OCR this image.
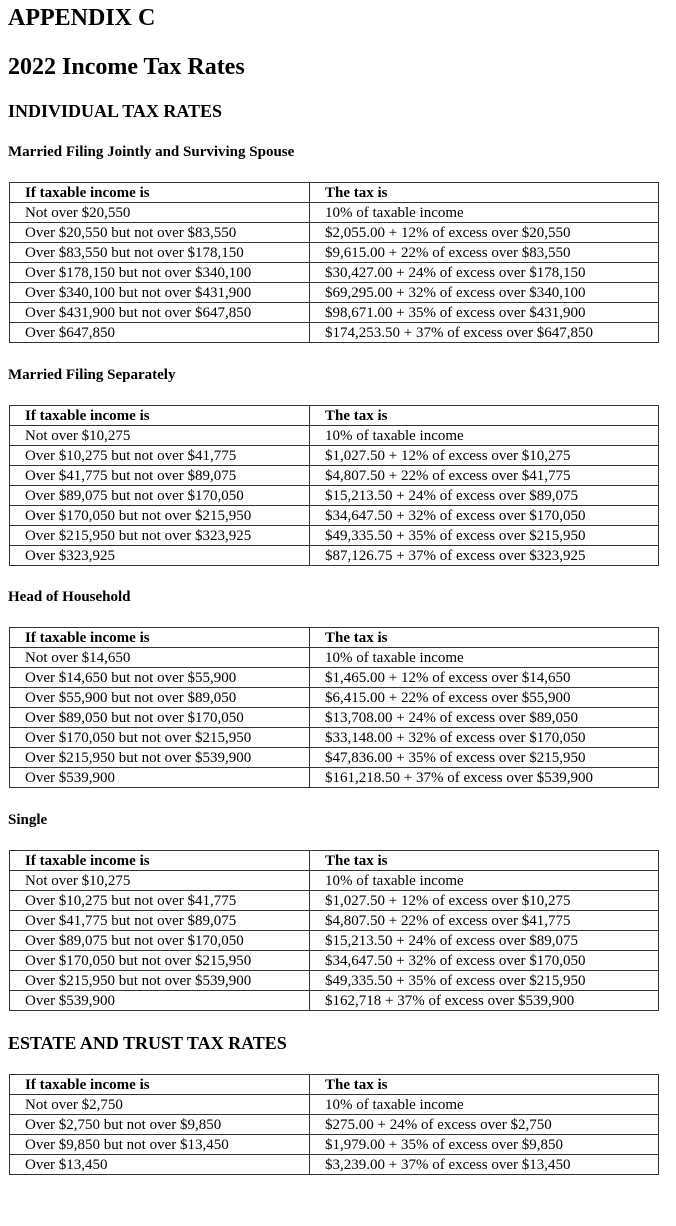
APPENDIX C
2022 Income Tax Rates
INDIVIDUAL TAX RATES
Married Filing Jointly and Surviving Spouse
If taxable income is	The tax is
Not over $20,550	10% of taxable income
Over $20,550 but not over $83,550	$2,055.00 + 12% of excess over $20,550
Over $83,550 but not over $178,150	$9,615.00 + 22% of excess over $83,550
Over $178,150 but not over $340,100	$30,427.00 + 24% of excess over $178,150
Over $340,100 but not over $431,900	$69,295.00 + 32% of excess over $340,100
Over $431,900 but not over $647,850	$98,671.00 + 35% of excess over $431,900
Over $647,850	$174,253.50 + 37% of excess over $647,850
Married Filing Separately
If taxable income is	The tax is
Not over $10,275	10% of taxable income
Over $10,275 but not over $41,775	$1,027.50 + 12% of excess over $10,275
Over $41,775 but not over $89,075	$4,807.50 + 22% of excess over $41,775
Over $89,075 but not over $170,050	$15,213.50 + 24% of excess over $89,075
Over $170,050 but not over $215,950	$34,647.50 + 32% of excess over $170,050
Over $215,950 but not over $323,925	$49,335.50 + 35% of excess over $215,950
Over $323,925	$87,126.75 + 37% of excess over $323,925
Head of Household
If taxable income is	The tax is
Not over $14,650	10% of taxable income
Over $14,650 but not over $55,900	$1,465.00 + 12% of excess over $14,650
Over $55,900 but not over $89,050	$6,415.00 + 22% of excess over $55,900
Over $89,050 but not over $170,050	$13,708.00 + 24% of excess over $89,050
Over $170,050 but not over $215,950	$33,148.00 + 32% of excess over $170,050
Over $215,950 but not over $539,900	$47,836.00 + 35% of excess over $215,950
Over $539,900	$161,218.50 + 37% of excess over $539,900
Single
If taxable income is	The tax is
Not over $10,275	10% of taxable income
Over $10,275 but not over $41,775	$1,027.50 + 12% of excess over $10,275
Over $41,775 but not over $89,075	$4,807.50 + 22% of excess over $41,775
Over $89,075 but not over $170,050	$15,213.50 + 24% of excess over $89,075
Over $170,050 but not over $215,950	$34,647.50 + 32% of excess over $170,050
Over $215,950 but not over $539,900	$49,335.50 + 35% of excess over $215,950
Over $539,900	$162,718 + 37% of excess over $539,900
ESTATE AND TRUST TAX RATES
If taxable income is	The tax is
Not over $2,750	10% of taxable income
Over $2,750 but not over $9,850	$275.00 + 24% of excess over $2,750
Over $9,850 but not over $13,450	$1,979.00 + 35% of excess over $9,850
Over $13,450	$3,239.00 + 37% of excess over $13,450
